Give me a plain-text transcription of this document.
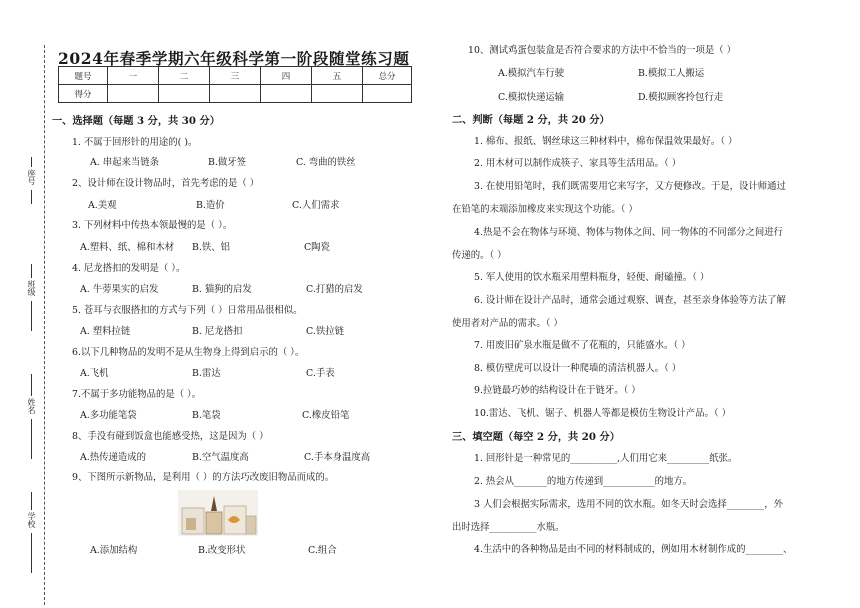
座号
班级
姓名
学校
2024年春季学期六年级科学第一阶段随堂练习题
题号	一	二	三	四	五	总分
得分						
一、选择题（每题 3 分，共 30 分）
1. 不属于回形针的用途的( )。
A. 串起来当链条	B.做牙签	C. 弯曲的铁丝
2、设计师在设计物品时，首先考虑的是（ ）
A.美观	B.造价	C.人们需求
3. 下列材料中传热本领最慢的是（ ）。
A.塑料、纸、棉和木材 B.铁、铝	C陶瓷
4. 尼龙搭扣的发明是（ ）。
A. 牛蒡果实的启发	B. 猫狗的启发	C.打猎的启发
5. 苍耳与衣服搭扣的方式与下列（ ）日常用品很相似。
A. 塑料拉链	B. 尼龙搭扣	C.铁拉链
6.以下几种物品的发明不是从生物身上得到启示的（ ）。
A.飞机	B.雷达	C.手表
7.不属于多功能物品的是（ ）。
A.多功能笔袋	B.笔袋	C.橡皮铅笔
8、手没有碰到饭盒也能感受热，这是因为（ ）
A.热传递造成的	B.空气温度高	C.手本身温度高
9、下图所示新物品，是利用（ ）的方法巧改废旧物品而成的。
A.添加结构	B.改变形状	C.组合
10、测试鸡蛋包装盒是否符合要求的方法中不恰当的一项是（ ）
A.模拟汽车行驶	B.模拟工人搬运
C.模拟快递运输	D.模拟顾客拎包行走
二、判断（每题 2 分，共 20 分）
1. 棉布、报纸、钢丝球这三种材料中，棉布保温效果最好。（ ）
2. 用木材可以制作成筷子、家具等生活用品。（ ）
3. 在使用铅笔时，我们既需要用它来写字，又方便修改。于是，设计师通过
在铅笔的末端添加橡皮来实现这个功能。（ ）
4.热是不会在物体与环境、物体与物体之间、同一物体的不同部分之间进行
传递的。（ ）
5. 军人使用的饮水瓶采用塑料瓶身，轻便、耐磕撞。（ ）
6. 设计师在设计产品时，通常会通过观察、调查，甚至亲身体验等方法了解
使用者对产品的需求。（ ）
7. 用废旧矿泉水瓶是做不了花瓶的，只能盛水。（ ）
8. 模仿壁虎可以设计一种爬墙的清洁机器人。（ ）
9.拉链最巧妙的结构设计在于链牙。（ ）
10.雷达、飞机、锯子、机器人等都是模仿生物设计产品。（ ）
三、填空题（每空 2 分，共 20 分）
1. 回形针是一种常见的__________,人们用它来_________纸张。
2. 热会从_______的地方传递到___________的地方。
3 人们会根据实际需求，选用不同的饮水瓶。如冬天时会选择________，外
出时选择__________水瓶。
4.生活中的各种物品是由不同的材料制成的，例如用木材制作成的________、
